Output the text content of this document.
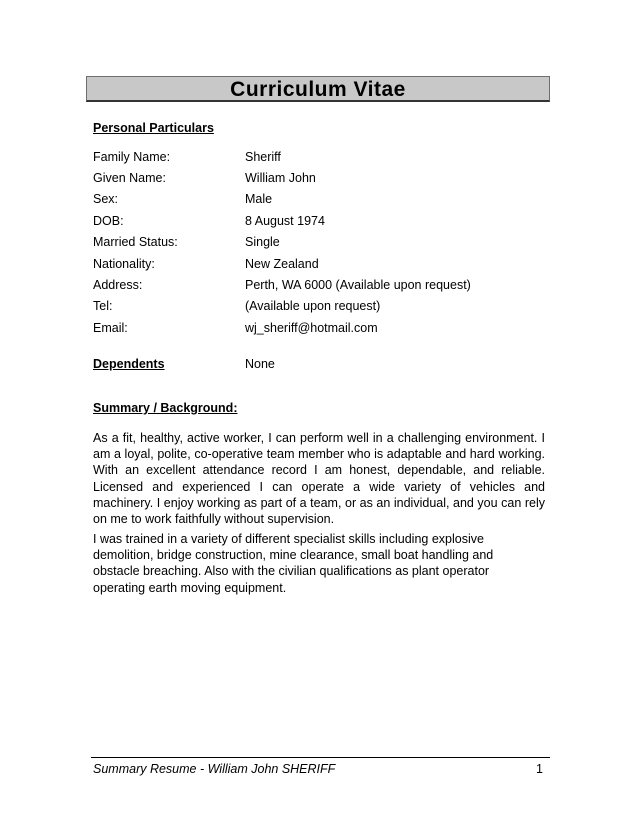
Curriculum Vitae
Personal Particulars
Family Name:	Sheriff
Given Name:	William John
Sex:	Male
DOB:	8 August 1974
Married Status:	Single
Nationality:	New Zealand
Address:	Perth, WA 6000 (Available upon request)
Tel:	(Available upon request)
Email:	wj_sheriff@hotmail.com
Dependents	None
Summary / Background:

As a fit, healthy, active worker, I can perform well in a challenging environment. I am a loyal, polite, co-operative team member who is adaptable and hard working. With an excellent attendance record I am honest, dependable, and reliable. Licensed and experienced I can operate a wide variety of vehicles and machinery. I enjoy working as part of a team, or as an individual, and you can rely on me to work faithfully without supervision.

I was trained in a variety of different specialist skills including explosive demolition, bridge construction, mine clearance, small boat handling and obstacle breaching. Also with the civilian qualifications as plant operator operating earth moving equipment.

Summary Resume - William John SHERIFF	1
